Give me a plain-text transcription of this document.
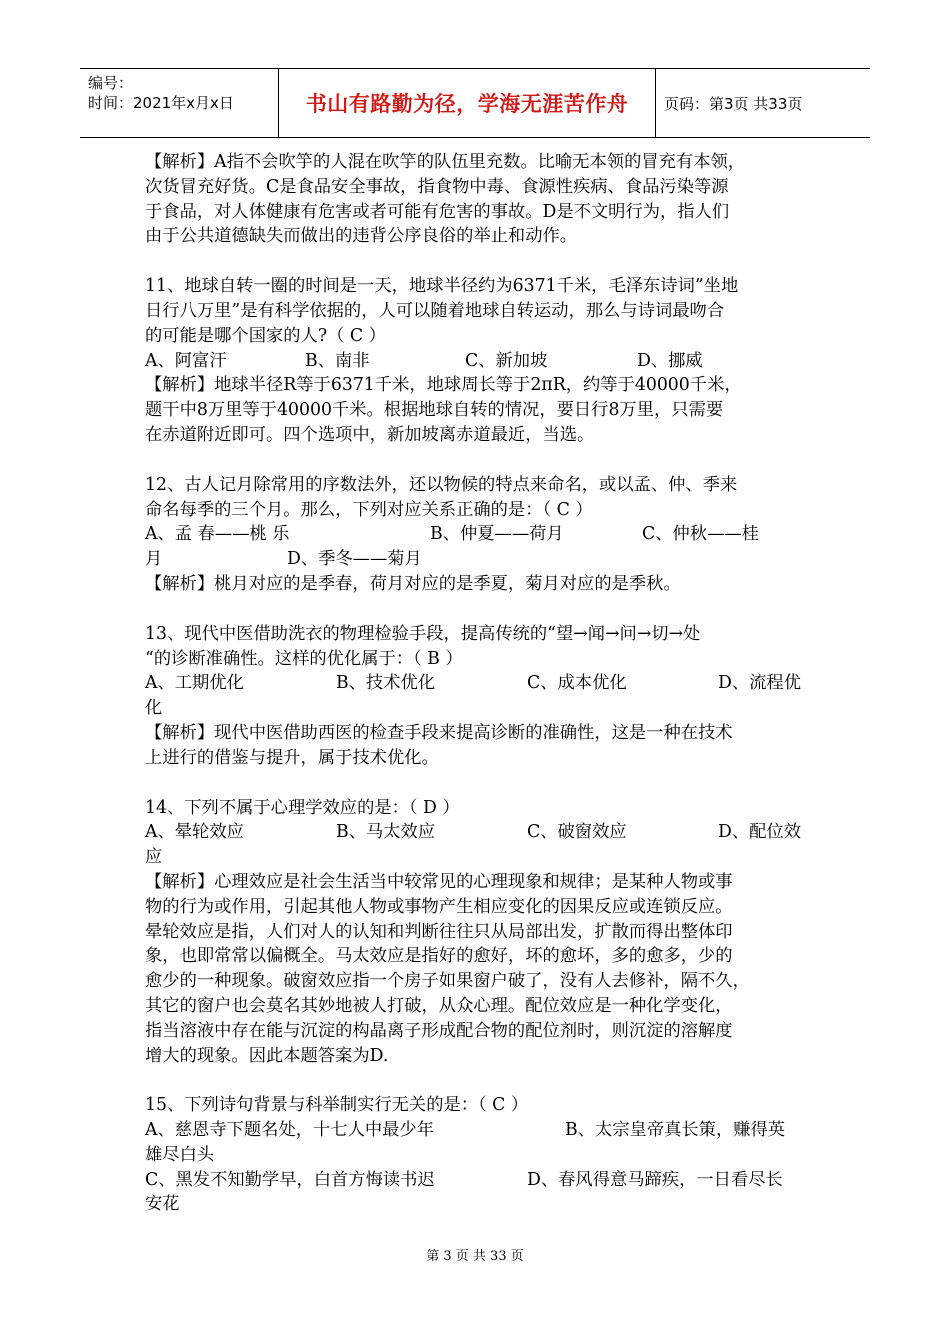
编号：
时间：2021年x月x日	书山有路勤为径，学海无涯苦作舟	页码：第3页 共33页

【解析】A指不会吹竽的人混在吹竽的队伍里充数。比喻无本领的冒充有本领，

次货冒充好货。C是食品安全事故，指食物中毒、食源性疾病、食品污染等源

于食品，对人体健康有危害或者可能有危害的事故。D是不文明行为，指人们

由于公共道德缺失而做出的违背公序良俗的举止和动作。

11、地球自转一圈的时间是一天，地球半径约为6371千米，毛泽东诗词”坐地

日行八万里”是有科学依据的，人可以随着地球自转运动，那么与诗词最吻合

的可能是哪个国家的人?（ C ）

A、阿富汗	B、南非	C、新加坡	D、挪威

【解析】地球半径R等于6371千米，地球周长等于2πR，约等于40000千米，

题干中8万里等于40000千米。根据地球自转的情况，要日行8万里，只需要

在赤道附近即可。四个选项中，新加坡离赤道最近，当选。

12、古人记月除常用的序数法外，还以物候的特点来命名，或以孟、仲、季来

命名每季的三个月。那么，下列对应关系正确的是：（ C ）

A、孟 春——桃 乐	B、仲夏——荷月	C、仲秋——桂
月	D、季冬——菊月

【解析】桃月对应的是季春，荷月对应的是季夏，菊月对应的是季秋。

13、现代中医借助洗衣的物理检验手段，提高传统的“望→闻→问→切→处

“的诊断准确性。这样的优化属于：（ B ）

A、工期优化	B、技术优化	C、成本优化	D、流程优

化

【解析】现代中医借助西医的检查手段来提高诊断的准确性，这是一种在技术

上进行的借鉴与提升，属于技术优化。

14、下列不属于心理学效应的是：（ D ）

A、晕轮效应	B、马太效应	C、破窗效应	D、配位效

应

【解析】心理效应是社会生活当中较常见的心理现象和规律；是某种人物或事

物的行为或作用，引起其他人物或事物产生相应变化的因果反应或连锁反应。

晕轮效应是指，人们对人的认知和判断往往只从局部出发，扩散而得出整体印

象，也即常常以偏概全。马太效应是指好的愈好，坏的愈坏，多的愈多，少的

愈少的一种现象。破窗效应指一个房子如果窗户破了，没有人去修补，隔不久，

其它的窗户也会莫名其妙地被人打破，从众心理。配位效应是一种化学变化，

指当溶液中存在能与沉淀的构晶离子形成配合物的配位剂时，则沉淀的溶解度

增大的现象。因此本题答案为D.

15、下列诗句背景与科举制实行无关的是：（ C ）

A、慈恩寺下题名处，十七人中最少年	B、太宗皇帝真长策，赚得英

雄尽白头

C、黑发不知勤学早，白首方悔读书迟	D、春风得意马蹄疾，一日看尽长

安花

第 3 页 共 33 页
